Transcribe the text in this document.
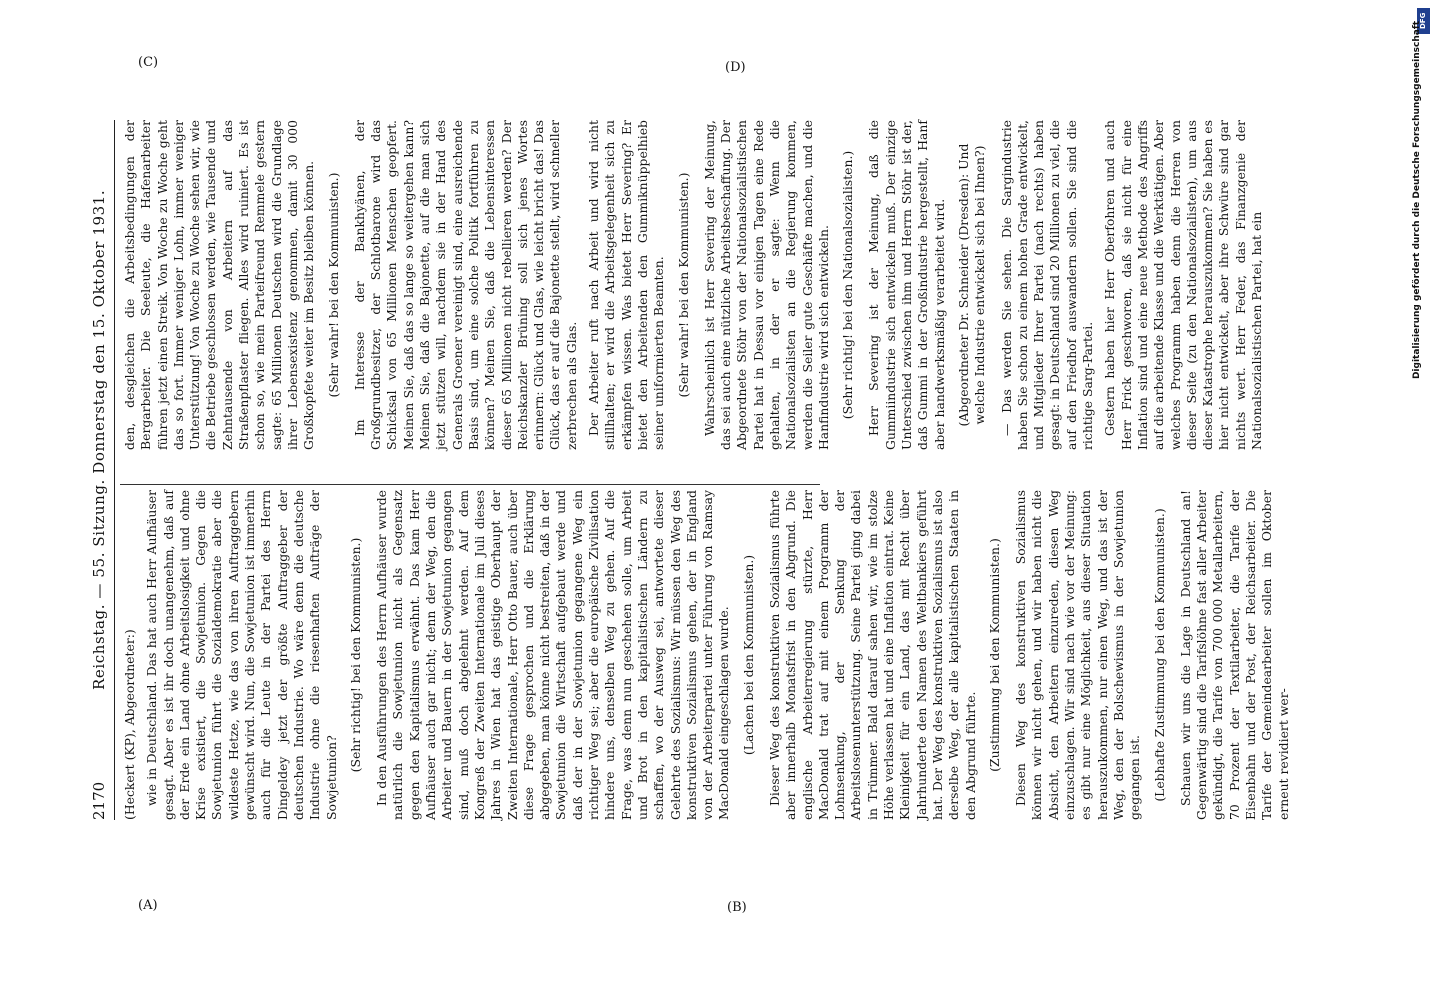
2170
Reichstag. — 55. Sitzung. Donnerstag den 15. Oktober 1931.

(Heckert (KP), Abgeordneter:) wie in Deutschland. Das hat auch Herr Aufhäuser gesagt. Aber es ist ihr doch unangenehm, daß auf der Erde ein Land ohne Arbeitslosigkeit und ohne Krise existiert, die Sowjetunion. Gegen die Sowjetunion führt die Sozialdemokratie aber die wildeste Hetze, wie das von ihren Auftraggebern gewünscht wird. Nun, die Sowjetunion ist immerhin auch für die Leute in der Partei des Herrn Dingeldey jetzt der größte Auftraggeber der deutschen Industrie. Wo wäre denn die deutsche Industrie ohne die riesenhaften Aufträge der Sowjetunion?

(Sehr richtig! bei den Kommunisten.) In den Ausführungen des Herrn Aufhäuser wurde natürlich die Sowjetunion nicht als Gegensatz gegen den Kapitalismus erwähnt. Das kam Herr Aufhäuser auch gar nicht; denn der Weg, den die Arbeiter und Bauern in der Sowjetunion gegangen sind, muß doch abgelehnt werden. Auf dem Kongreß der Zweiten Internationale im Juli dieses Jahres in Wien hat das geistige Oberhaupt der Zweiten Internationale, Herr Otto Bauer, auch über diese Frage gesprochen und die Erklärung abgegeben, man könne nicht bestreiten, daß in der Sowjetunion die Wirtschaft aufgebaut werde und daß der in der Sowjetunion gegangene Weg ein richtiger Weg sei; aber die europäische Zivilisation hindere uns, denselben Weg zu gehen. Auf die Frage, was denn nun geschehen solle, um Arbeit und Brot in den kapitalistischen Ländern zu schaffen, wo der Ausweg sei, antwortete dieser Gelehrte des Sozialismus: Wir müssen den Weg des konstruktiven Sozialismus gehen, der in England von der Arbeiterpartei unter Führung von Ramsay MacDonald eingeschlagen wurde. (Lachen bei den Kommunisten.) Dieser Weg des konstruktiven Sozialismus führte aber innerhalb Monatsfrist in den Abgrund. Die englische Arbeiterregierung stürzte, Herr MacDonald trat auf mit einem Programm der Lohnsenkung, der Senkung der Arbeitslosenunterstützung. Seine Partei ging dabei in Trümmer. Bald darauf sahen wir, wie im stolze Höhe verlassen hat und eine Inflation eintrat. Keine Kleinigkeit für ein Land, das mit Recht über Jahrhunderte den Namen des Weltbankiers geführt hat. Der Weg des konstruktiven Sozialismus ist also derselbe Weg, der alle kapitalistischen Staaten in den Abgrund führte. (Zustimmung bei den Kommunisten.) Diesen Weg des konstruktiven Sozialismus können wir nicht gehen, und wir haben nicht die Absicht, den Arbeitern einzureden, diesen Weg einzuschlagen. Wir sind nach wie vor der Meinung: es gibt nur eine Möglichkeit, aus dieser Situation herauszukommen, nur einen Weg, und das ist der Weg, den der Bolschewismus in der Sowjetunion gegangen ist. (Lebhafte Zustimmung bei den Kommunisten.) Schauen wir uns die Lage in Deutschland an! Gegenwärtig sind die Tarifslöhne fast aller Arbeiter gekündigt, die Tarife von 700 000 Metallarbeitern, 70 Prozent der Textilarbeiter, die Tarife der Eisenbahn und der Post, der Reichsarbeiter. Die Tarife der Gemeindearbeiter sollen im Oktober erneut revidiert wer-

den, desgleichen die Arbeitsbedingungen der Bergarbeiter. Die Seeleute, die Hafenarbeiter führen jetzt einen Streik. Von Woche zu Woche geht das so fort. Immer weniger Lohn, immer weniger Unterstützung! Von Woche zu Woche sehen wir, wie die Betriebe geschlossen werden, wie Tausende und Zehntausende von Arbeitern auf das Straßenpflaster fliegen. Alles wird ruiniert. Es ist schon so, wie mein Parteifreund Remmele gestern sagte: 65 Millionen Deutschen wird die Grundlage ihrer Lebensexistenz genommen, damit 30 000 Großkopfete weiter im Besitz bleiben können. (Sehr wahr! bei den Kommunisten.) Im Interesse der Bankhyänen, der Großgrundbesitzer, der Schlotbarone wird das Schicksal von 65 Millionen Menschen geopfert. Meinen Sie, daß das so lange so weitergehen kann? Meinen Sie, daß die Bajonette, auf die man sich jetzt stützen will, nachdem sie in der Hand des Generals Groener vereinigt sind, eine ausreichende Basis sind, um eine solche Politik fortführen zu können? Meinen Sie, daß die Lebensinteressen dieser 65 Millionen nicht rebellieren werden? Der Reichskanzler Brüning soll sich jenes Wortes erinnern: Glück und Glas, wie leicht bricht das! Das Glück, das er auf die Bajonette stellt, wird schneller zerbrechen als Glas. Der Arbeiter ruft nach Arbeit und wird nicht stillhalten; er wird die Arbeitsgelegenheit sich zu erkämpfen wissen. Was bietet Herr Severing? Er bietet den Arbeitenden den Gummiknüppelhieb seiner uniformierten Beamten. (Sehr wahr! bei den Kommunisten.) Wahrscheinlich ist Herr Severing der Meinung, das sei auch eine nützliche Arbeitsbeschaffung. Der Abgeordnete Stöhr von der Nationalsozialistischen Partei hat in Dessau vor einigen Tagen eine Rede gehalten, in der er sagte: Wenn die Nationalsozialisten an die Regierung kommen, werden die Seiler gute Geschäfte machen, und die Hanfindustrie wird sich entwickeln. (Sehr richtig! bei den Nationalsozialisten.) Herr Severing ist der Meinung, daß die Gummiindustrie sich entwickeln muß. Der einzige Unterschied zwischen ihm und Herrn Stöhr ist der, daß Gummi in der Großindustrie hergestellt, Hanf aber handwerksmäßig verarbeitet wird. (Abgeordneter Dr. Schneider (Dresden): Und welche Industrie entwickelt sich bei Ihnen?) — Das werden Sie sehen. Die Sargindustrie haben Sie schon zu einem hohen Grade entwickelt, und Mitglieder Ihrer Partei (nach rechts) haben gesagt: in Deutschland sind 20 Millionen zu viel, die auf den Friedhof auswandern sollen. Sie sind die richtige Sarg-Partei. Gestern haben hier Herr Oberfohren und auch Herr Frick geschworen, daß sie nicht für eine Inflation sind und eine neue Methode des Angriffs auf die arbeitende Klasse und die Werktätigen. Aber welches Programm haben denn die Herren von dieser Seite (zu den Nationalsozialisten), um aus dieser Katastrophe herauszukommen? Sie haben es hier nicht entwickelt, aber ihre Schwüre sind gar nichts wert. Herr Feder, das Finanzgenie der Nationalsozialistischen Partei, hat ein

(A)	(B)
(C)	(D)
DFG
Digitalisierung gefördert durch die Deutsche Forschungsgemeinschaft
